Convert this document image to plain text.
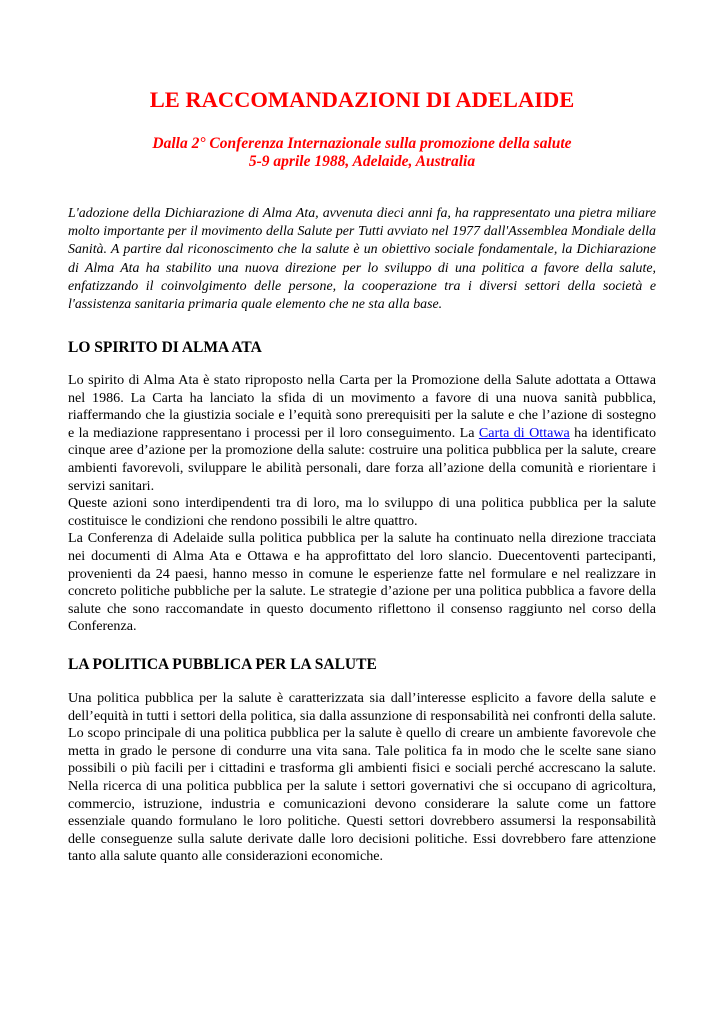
LE RACCOMANDAZIONI DI ADELAIDE
Dalla 2° Conferenza Internazionale sulla promozione della salute
5-9 aprile 1988, Adelaide, Australia

L'adozione della Dichiarazione di Alma Ata, avvenuta dieci anni fa, ha rappresentato una pietra miliare molto importante per il movimento della Salute per Tutti avviato nel 1977 dall'Assemblea Mondiale della Sanità. A partire dal riconoscimento che la salute è un obiettivo sociale fondamentale, la Dichiarazione di Alma Ata ha stabilito una nuova direzione per lo sviluppo di una politica a favore della salute, enfatizzando il coinvolgimento delle persone, la cooperazione tra i diversi settori della società e l'assistenza sanitaria primaria quale elemento che ne sta alla base.

LO SPIRITO DI ALMA ATA

Lo spirito di Alma Ata è stato riproposto nella Carta per la Promozione della Salute adottata a Ottawa nel 1986. La Carta ha lanciato la sfida di un movimento a favore di una nuova sanità pubblica, riaffermando che la giustizia sociale e l’equità sono prerequisiti per la salute e che l’azione di sostegno e la mediazione rappresentano i processi per il loro conseguimento. La Carta di Ottawa ha identificato cinque aree d’azione per la promozione della salute: costruire una politica pubblica per la salute, creare ambienti favorevoli, sviluppare le abilità personali, dare forza all’azione della comunità e riorientare i servizi sanitari.

Queste azioni sono interdipendenti tra di loro, ma lo sviluppo di una politica pubblica per la salute costituisce le condizioni che rendono possibili le altre quattro.

La Conferenza di Adelaide sulla politica pubblica per la salute ha continuato nella direzione tracciata nei documenti di Alma Ata e Ottawa e ha approfittato del loro slancio. Duecentoventi partecipanti, provenienti da 24 paesi, hanno messo in comune le esperienze fatte nel formulare e nel realizzare in concreto politiche pubbliche per la salute. Le strategie d’azione per una politica pubblica a favore della salute che sono raccomandate in questo documento riflettono il consenso raggiunto nel corso della Conferenza.

LA POLITICA PUBBLICA PER LA SALUTE

Una politica pubblica per la salute è caratterizzata sia dall’interesse esplicito a favore della salute e dell’equità in tutti i settori della politica, sia dalla assunzione di responsabilità nei confronti della salute. Lo scopo principale di una politica pubblica per la salute è quello di creare un ambiente favorevole che metta in grado le persone di condurre una vita sana. Tale politica fa in modo che le scelte sane siano possibili o più facili per i cittadini e trasforma gli ambienti fisici e sociali perché accrescano la salute. Nella ricerca di una politica pubblica per la salute i settori governativi che si occupano di agricoltura, commercio, istruzione, industria e comunicazioni devono considerare la salute come un fattore essenziale quando formulano le loro politiche. Questi settori dovrebbero assumersi la responsabilità delle conseguenze sulla salute derivate dalle loro decisioni politiche. Essi dovrebbero fare attenzione tanto alla salute quanto alle considerazioni economiche.
